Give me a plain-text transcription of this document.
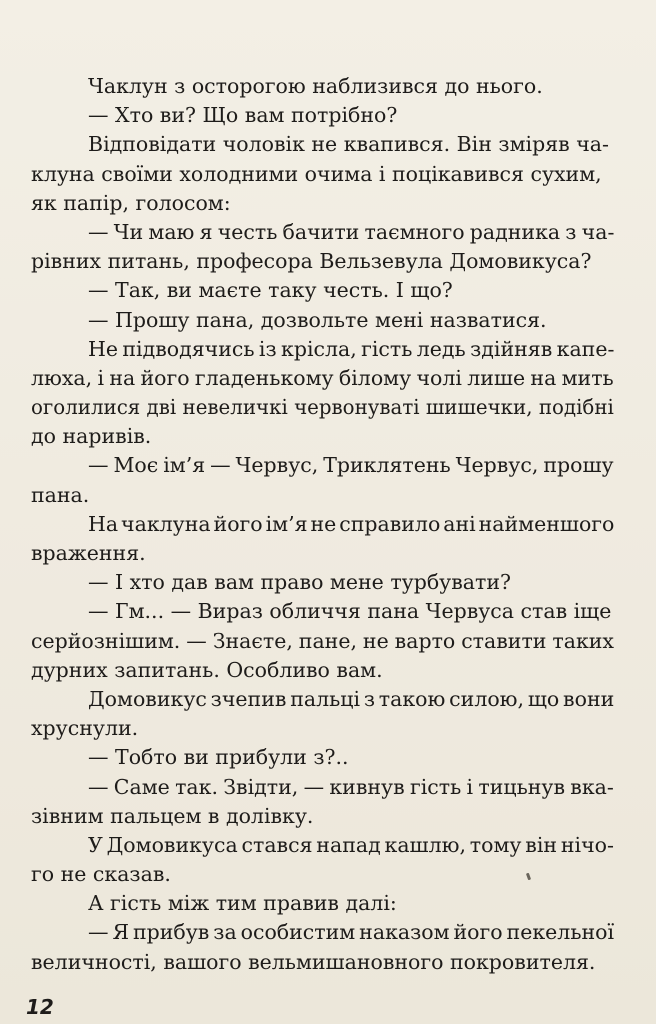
Чаклун з осторогою наблизився до нього.
— Хто ви? Що вам потрібно?
Відповідати чоловік не квапився. Він зміряв ча-
клуна своїми холодними очима і поцікавився сухим,
як папір, голосом:
— Чи маю я честь бачити таємного радника з ча-
рівних питань, професора Вельзевула Домовикуса?
— Так, ви маєте таку честь. І що?
— Прошу пана, дозвольте мені назватися.
Не підводячись із крісла, гість ледь здійняв капе-
люха, і на його гладенькому білому чолі лише на мить
оголилися дві невеличкі червонуваті шишечки, подібні
до наривів.
— Моє ім’я — Червус, Триклятень Червус, прошу
пана.
На чаклуна його ім’я не справило ані найменшого
враження.
— І хто дав вам право мене турбувати?
— Гм... — Вираз обличчя пана Червуса став іще
серйознішим. — Знаєте, пане, не варто ставити таких
дурних запитань. Особливо вам.
Домовикус зчепив пальці з такою силою, що вони
хруснули.
— Тобто ви прибули з?..
— Саме так. Звідти, — кивнув гість і тицьнув вка-
зівним пальцем в долівку.
У Домовикуса стався напад кашлю, тому він нічо-
го не сказав.
А гість між тим правив далі:
— Я прибув за особистим наказом його пекельної
величності, вашого вельмишановного покровителя.
12
